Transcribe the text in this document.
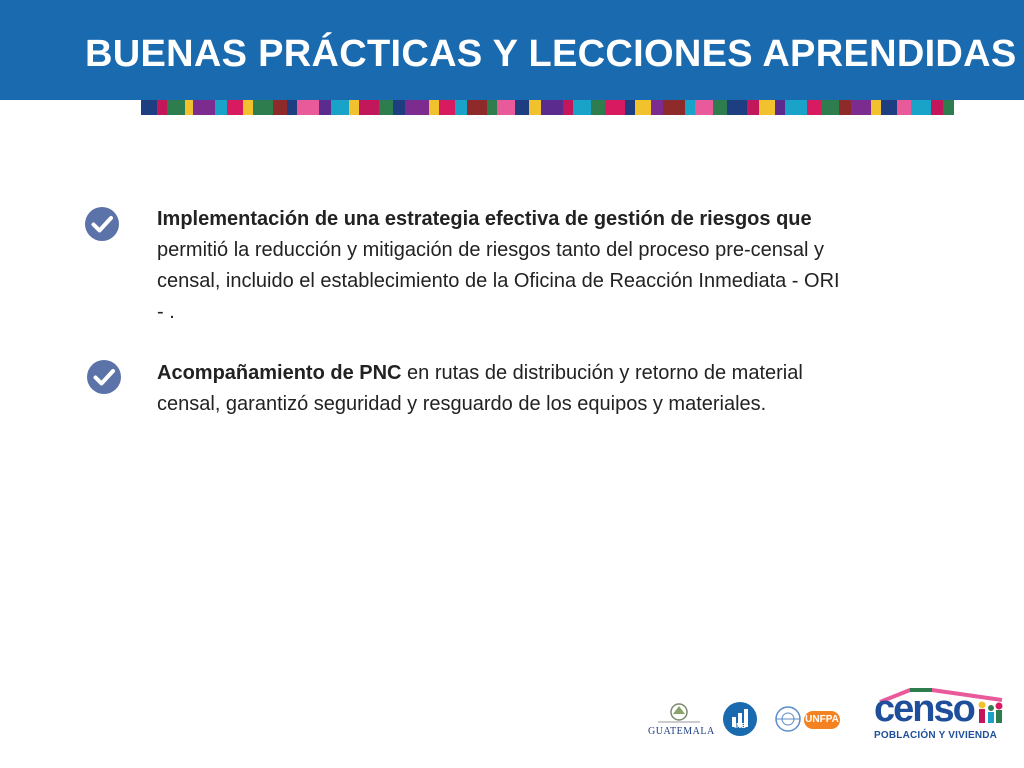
BUENAS PRÁCTICAS Y LECCIONES APRENDIDAS
Implementación de una estrategia efectiva de gestión de riesgos que permitió la reducción y mitigación de riesgos tanto del proceso pre-censal y censal, incluido el establecimiento de la Oficina de Reacción Inmediata - ORI - .
Acompañamiento de PNC en rutas de distribución y retorno de material censal, garantizó seguridad y resguardo de los equipos y materiales.
GUATEMALA	INE
UNFPA censo
POBLACIÓN Y VIVIENDA
